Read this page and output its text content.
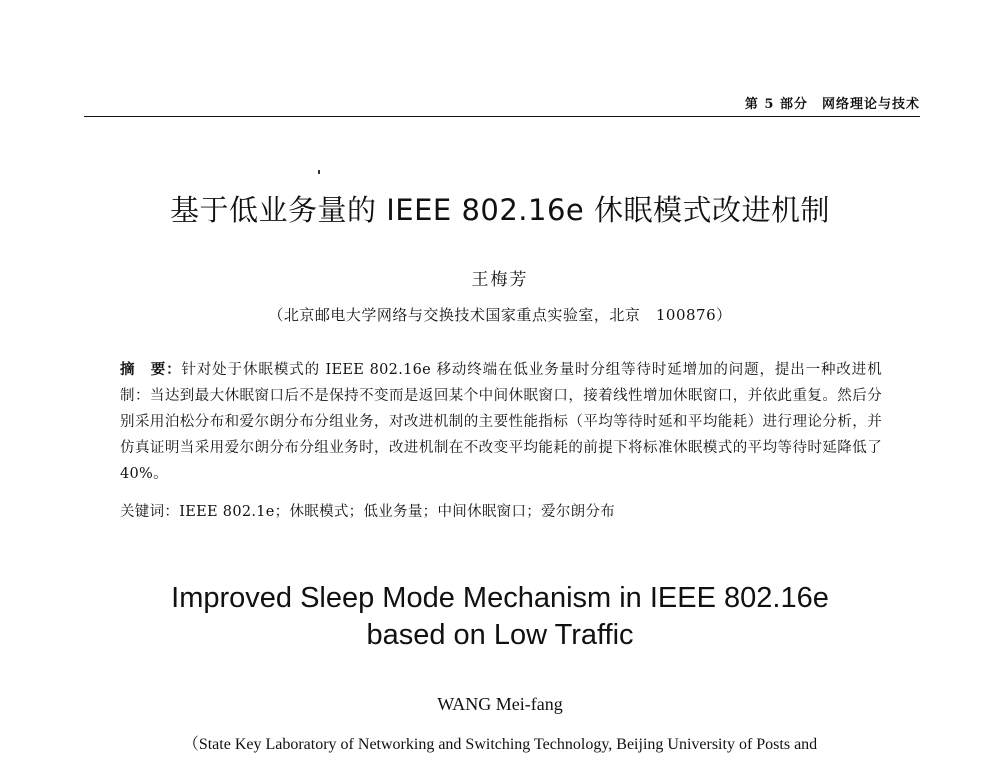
第 5 部分　网络理论与技术
基于低业务量的 IEEE 802.16e 休眠模式改进机制
王梅芳
（北京邮电大学网络与交换技术国家重点实验室，北京　100876）
摘　要：针对处于休眠模式的 IEEE 802.16e 移动终端在低业务量时分组等待时延增加的问题，提出一种改进机制：当达到最大休眠窗口后不是保持不变而是返回某个中间休眠窗口，接着线性增加休眠窗口，并依此重复。然后分别采用泊松分布和爱尔朗分布分组业务，对改进机制的主要性能指标（平均等待时延和平均能耗）进行理论分析，并仿真证明当采用爱尔朗分布分组业务时，改进机制在不改变平均能耗的前提下将标准休眠模式的平均等待时延降低了 40%。
关键词：IEEE 802.1e；休眠模式；低业务量；中间休眠窗口；爱尔朗分布
Improved Sleep Mode Mechanism in IEEE 802.16e
based on Low Traffic
WANG Mei-fang
（State Key Laboratory of Networking and Switching Technology, Beijing University of Posts and
